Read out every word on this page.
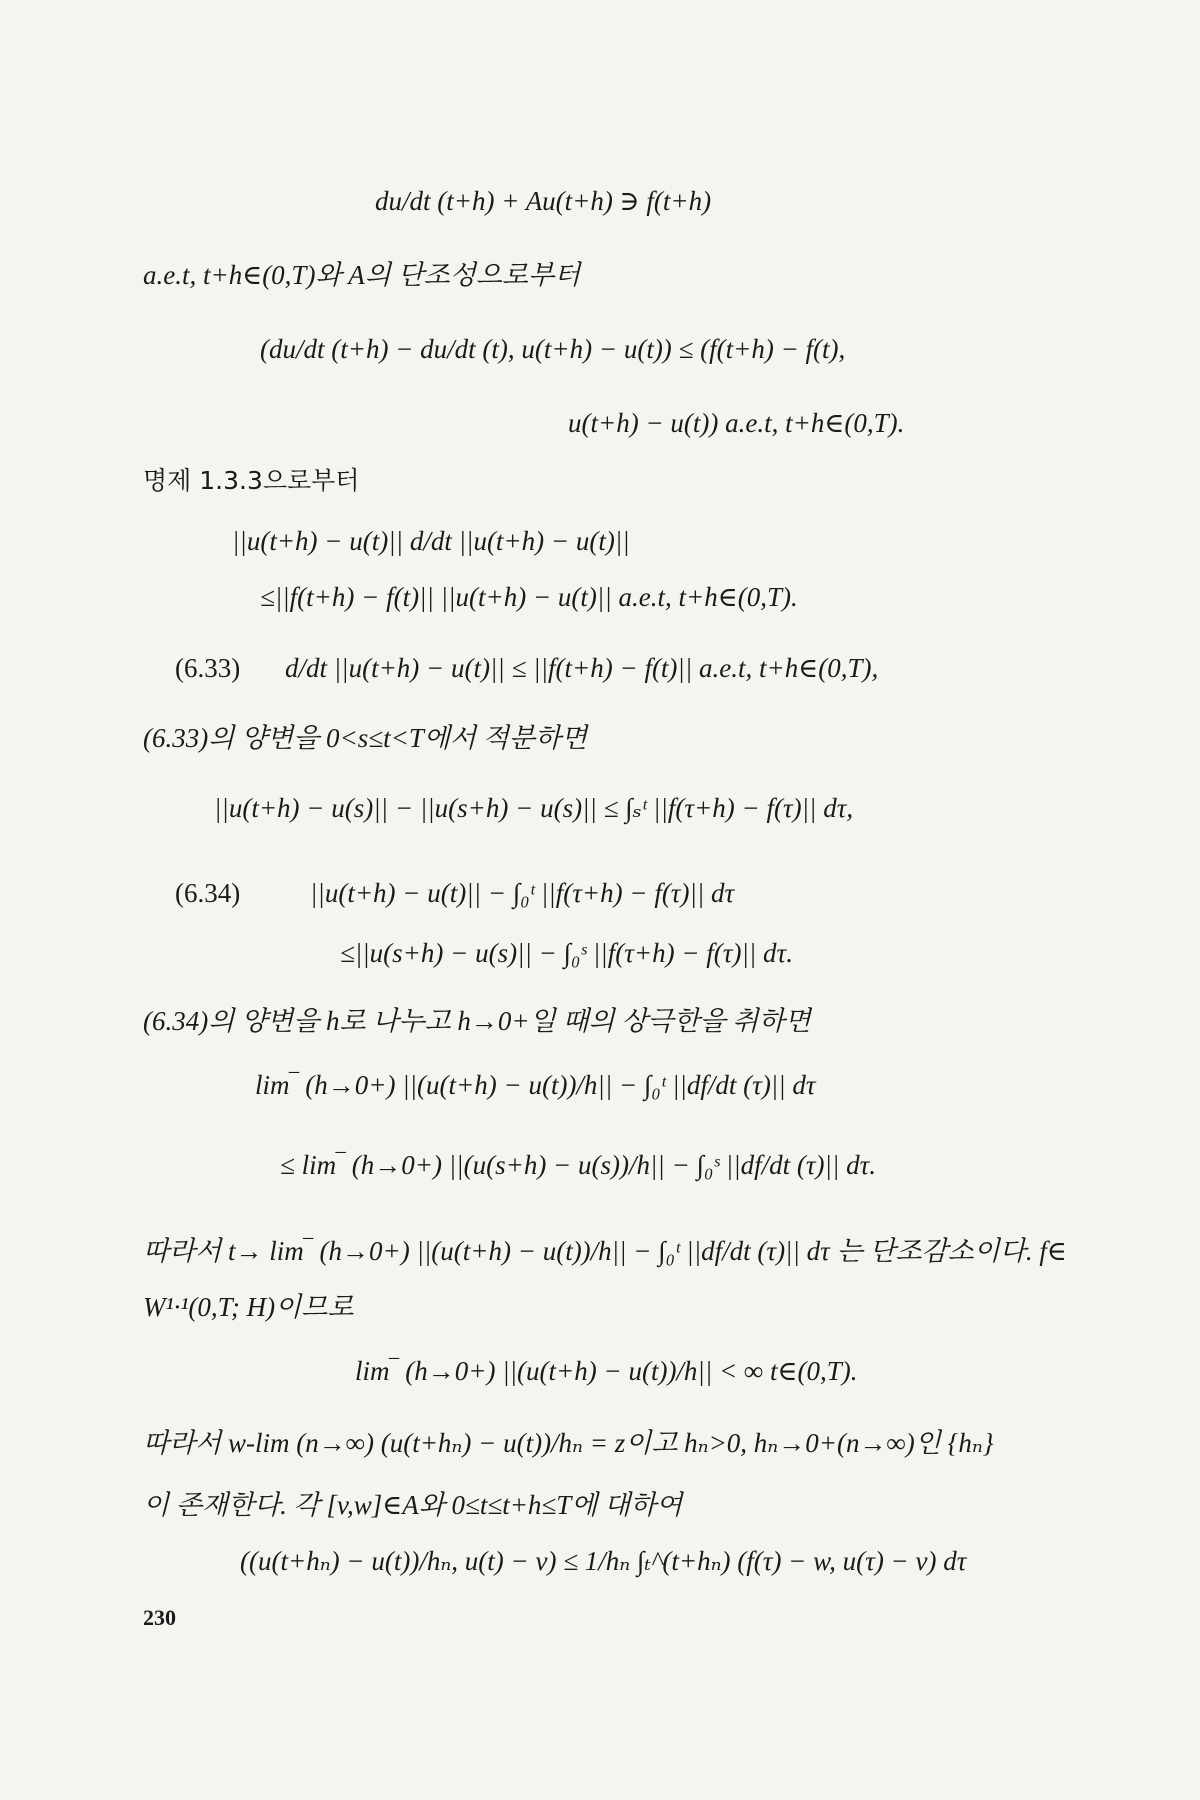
du/dt (t+h) + Au(t+h) ∋ f(t+h)
a.e.t, t+h∈(0,T)와 A의 단조성으로부터
(du/dt (t+h) − du/dt (t), u(t+h) − u(t)) ≤ (f(t+h) − f(t),
u(t+h) − u(t)) a.e.t, t+h∈(0,T).
명제 1.3.3으로부터
||u(t+h) − u(t)|| d/dt ||u(t+h) − u(t)||
≤||f(t+h) − f(t)|| ||u(t+h) − u(t)|| a.e.t, t+h∈(0,T).
(6.33) d/dt ||u(t+h) − u(t)|| ≤ ||f(t+h) − f(t)|| a.e.t, t+h∈(0,T),
(6.33)의 양변을 0<s≤t<T에서 적분하면
||u(t+h) − u(s)|| − ||u(s+h) − u(s)|| ≤ ∫ₛᵗ ||f(τ+h) − f(τ)|| dτ,
(6.34)	||u(t+h) − u(t)|| − ∫₀ᵗ ||f(τ+h) − f(τ)|| dτ
≤||u(s+h) − u(s)|| − ∫₀ˢ ||f(τ+h) − f(τ)|| dτ.
(6.34)의 양변을 h로 나누고 h→0+일 때의 상극한을 취하면
lim‾ (h→0+) ||(u(t+h) − u(t))/h|| − ∫₀ᵗ ||df/dt (τ)|| dτ
≤ lim‾ (h→0+) ||(u(s+h) − u(s))/h|| − ∫₀ˢ ||df/dt (τ)|| dτ.
따라서 t→ lim‾ (h→0+) ||(u(t+h) − u(t))/h|| − ∫₀ᵗ ||df/dt (τ)|| dτ 는 단조감소이다. f∈
W¹·¹(0,T; H)이므로
lim‾ (h→0+) ||(u(t+h) − u(t))/h|| < ∞ t∈(0,T).
따라서 w-lim (n→∞) (u(t+hₙ) − u(t))/hₙ = z이고 hₙ>0, hₙ→0+(n→∞)인 {hₙ}
이 존재한다. 각 [v,w]∈A와 0≤t≤t+h≤T에 대하여
((u(t+hₙ) − u(t))/hₙ, u(t) − v) ≤ 1/hₙ ∫ₜ^(t+hₙ) (f(τ) − w, u(τ) − v) dτ
230
